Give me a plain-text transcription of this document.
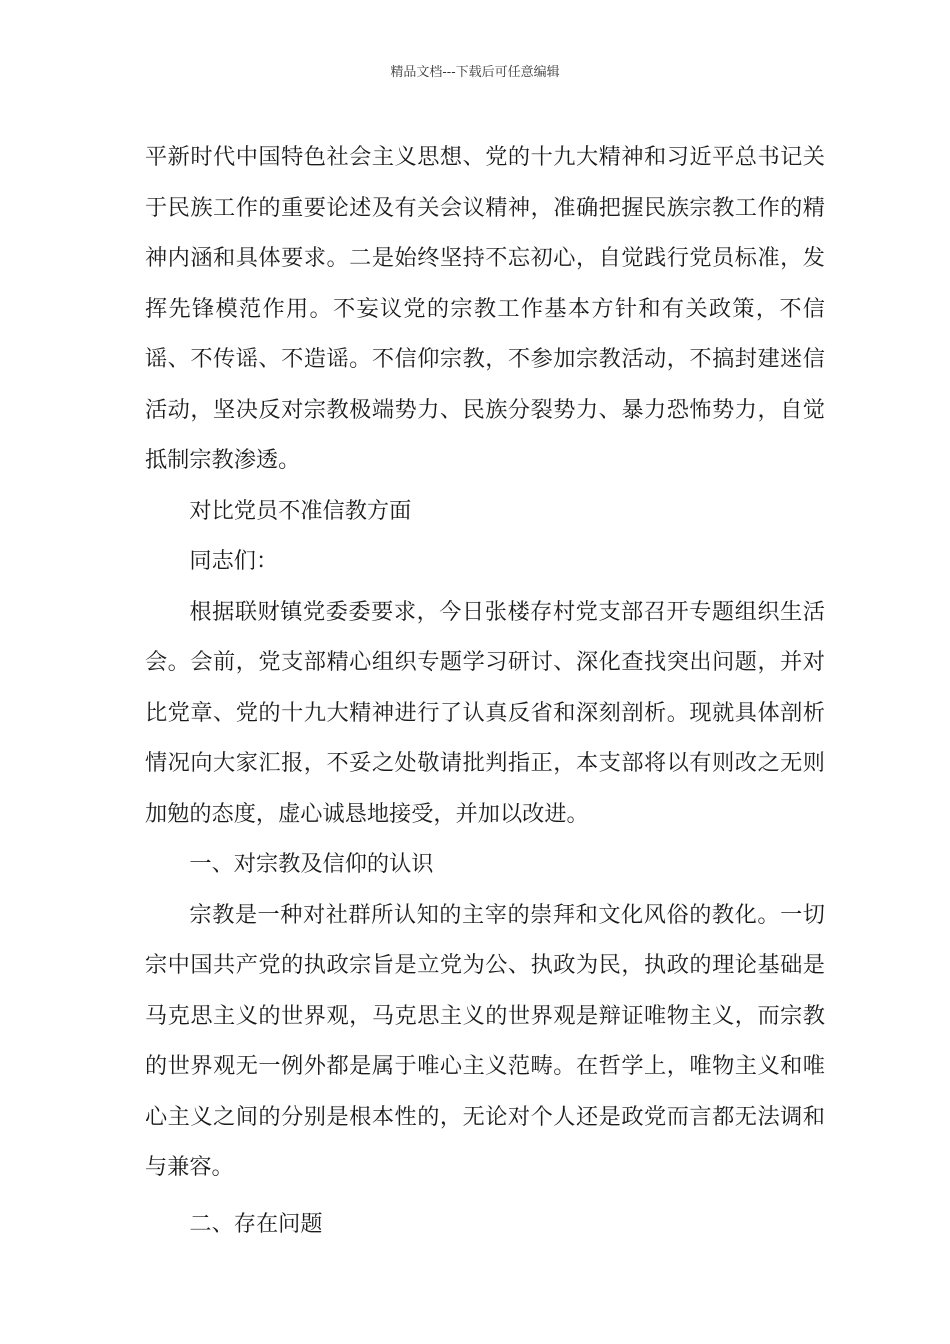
精品文档---下载后可任意编辑

平新时代中国特色社会主义思想、党的十九大精神和习近平总书记关于民族工作的重要论述及有关会议精神，准确把握民族宗教工作的精神内涵和具体要求。二是始终坚持不忘初心，自觉践行党员标准，发挥先锋模范作用。不妄议党的宗教工作基本方针和有关政策，不信谣、不传谣、不造谣。不信仰宗教，不参加宗教活动，不搞封建迷信活动，坚决反对宗教极端势力、民族分裂势力、暴力恐怖势力，自觉抵制宗教渗透。

对比党员不准信教方面

同志们：

根据联财镇党委委要求，今日张楼存村党支部召开专题组织生活会。会前，党支部精心组织专题学习研讨、深化查找突出问题，并对比党章、党的十九大精神进行了认真反省和深刻剖析。现就具体剖析情况向大家汇报，不妥之处敬请批判指正，本支部将以有则改之无则加勉的态度，虚心诚恳地接受，并加以改进。

一、对宗教及信仰的认识

宗教是一种对社群所认知的主宰的崇拜和文化风俗的教化。一切宗中国共产党的执政宗旨是立党为公、执政为民，执政的理论基础是马克思主义的世界观，马克思主义的世界观是辩证唯物主义，而宗教的世界观无一例外都是属于唯心主义范畴。在哲学上，唯物主义和唯心主义之间的分别是根本性的，无论对个人还是政党而言都无法调和与兼容。

二、存在问题
